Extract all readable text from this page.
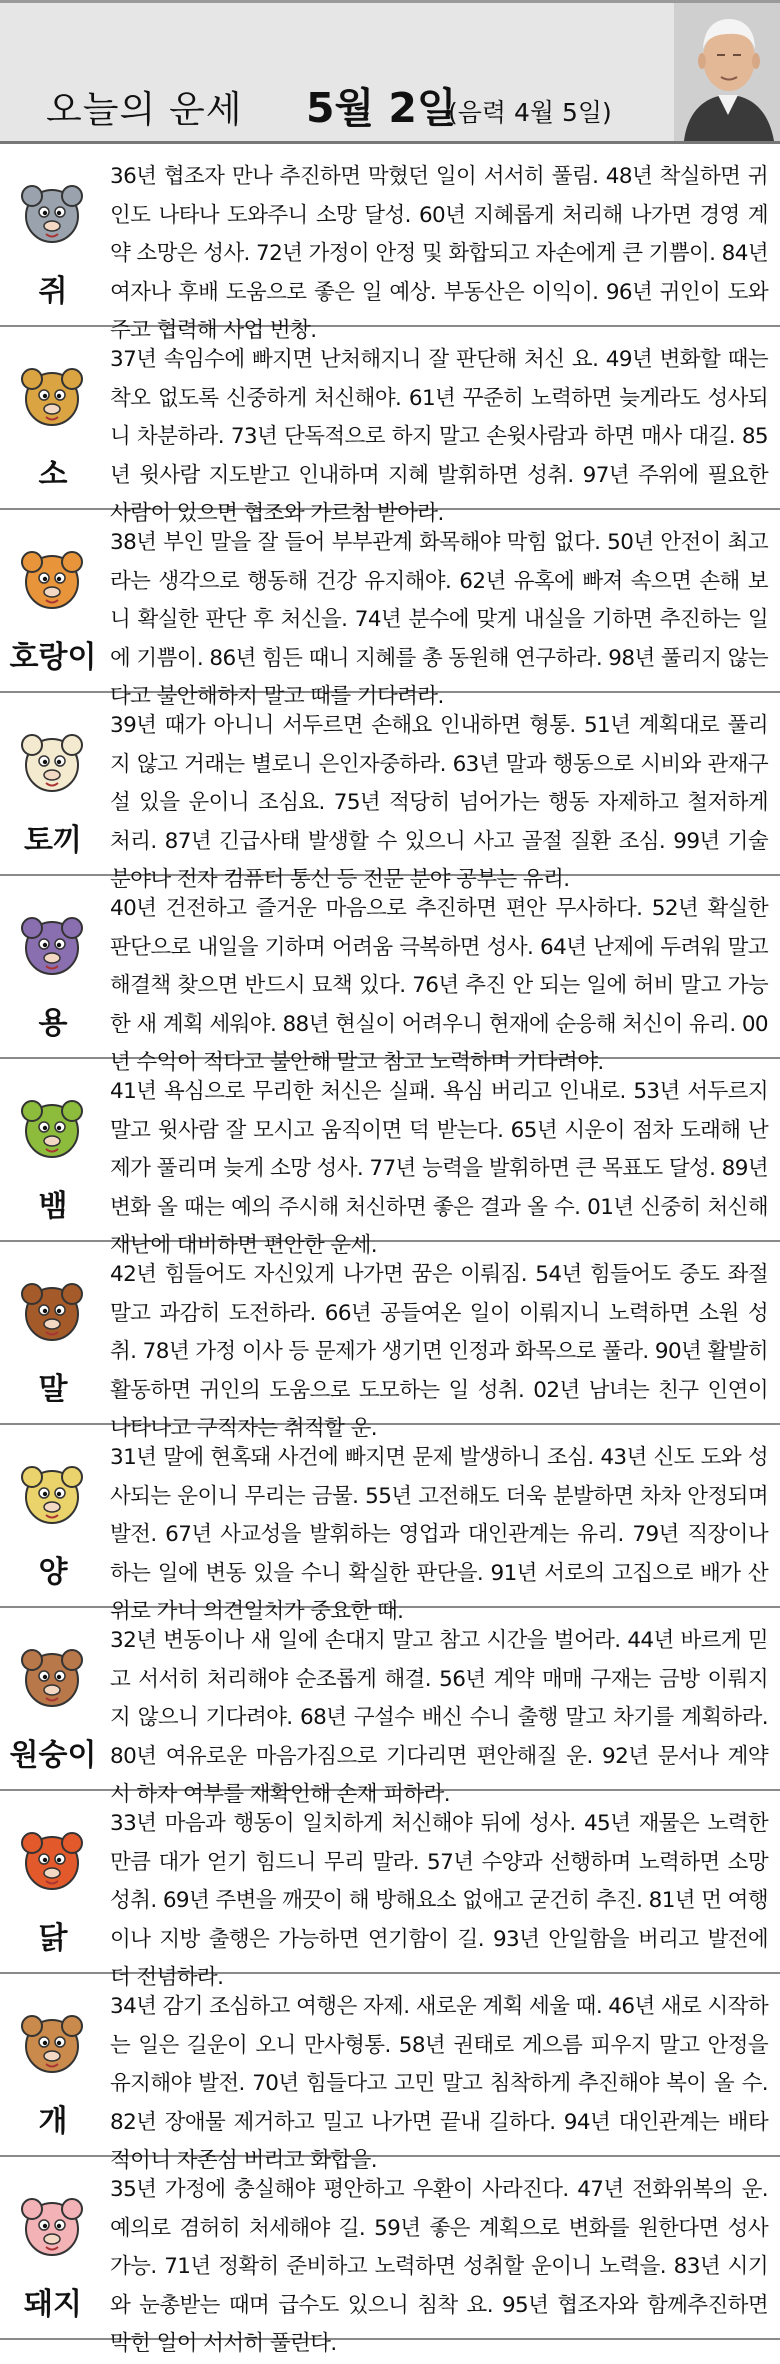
오늘의 운세 5월 2일
(음력 4월 5일)
쥐
36년 협조자 만나 추진하면 막혔던 일이 서서히 풀림. 48년 착실하면 귀인도 나타나 도와주니 소망 달성. 60년 지혜롭게 처리해 나가면 경영 계약 소망은 성사. 72년 가정이 안정 및 화합되고 자손에게 큰 기쁨이. 84년 여자나 후배 도움으로 좋은 일 예상. 부동산은 이익이. 96년 귀인이 도와주고 협력해 사업 번창.
소
37년 속임수에 빠지면 난처해지니 잘 판단해 처신 요. 49년 변화할 때는 착오 없도록 신중하게 처신해야. 61년 꾸준히 노력하면 늦게라도 성사되니 차분하라. 73년 단독적으로 하지 말고 손윗사람과 하면 매사 대길. 85년 윗사람 지도받고 인내하며 지혜 발휘하면 성취. 97년 주위에 필요한 사람이 있으면 협조와 가르침 받아라.
호랑이
38년 부인 말을 잘 들어 부부관계 화목해야 막힘 없다. 50년 안전이 최고라는 생각으로 행동해 건강 유지해야. 62년 유혹에 빠져 속으면 손해 보니 확실한 판단 후 처신을. 74년 분수에 맞게 내실을 기하면 추진하는 일에 기쁨이. 86년 힘든 때니 지혜를 총 동원해 연구하라. 98년 풀리지 않는다고 불안해하지 말고 때를 기다려라.
토끼
39년 때가 아니니 서두르면 손해요 인내하면 형통. 51년 계획대로 풀리지 않고 거래는 별로니 은인자중하라. 63년 말과 행동으로 시비와 관재구설 있을 운이니 조심요. 75년 적당히 넘어가는 행동 자제하고 철저하게 처리. 87년 긴급사태 발생할 수 있으니 사고 골절 질환 조심. 99년 기술 분야나 전자 컴퓨터 통신 등 전문 분야 공부는 유리.
용
40년 건전하고 즐거운 마음으로 추진하면 편안 무사하다. 52년 확실한 판단으로 내일을 기하며 어려움 극복하면 성사. 64년 난제에 두려워 말고 해결책 찾으면 반드시 묘책 있다. 76년 추진 안 되는 일에 허비 말고 가능한 새 계획 세워야. 88년 현실이 어려우니 현재에 순응해 처신이 유리. 00년 수익이 적다고 불안해 말고 참고 노력하며 기다려야.
뱀
41년 욕심으로 무리한 처신은 실패. 욕심 버리고 인내로. 53년 서두르지 말고 윗사람 잘 모시고 움직이면 덕 받는다. 65년 시운이 점차 도래해 난제가 풀리며 늦게 소망 성사. 77년 능력을 발휘하면 큰 목표도 달성. 89년 변화 올 때는 예의 주시해 처신하면 좋은 결과 올 수. 01년 신중히 처신해 재난에 대비하면 편안한 운세.
말
42년 힘들어도 자신있게 나가면 꿈은 이뤄짐. 54년 힘들어도 중도 좌절 말고 과감히 도전하라. 66년 공들여온 일이 이뤄지니 노력하면 소원 성취. 78년 가정 이사 등 문제가 생기면 인정과 화목으로 풀라. 90년 활발히 활동하면 귀인의 도움으로 도모하는 일 성취. 02년 남녀는 친구 인연이 나타나고 구직자는 취직할 운.
양
31년 말에 현혹돼 사건에 빠지면 문제 발생하니 조심. 43년 신도 도와 성사되는 운이니 무리는 금물. 55년 고전해도 더욱 분발하면 차차 안정되며 발전. 67년 사교성을 발휘하는 영업과 대인관계는 유리. 79년 직장이나 하는 일에 변동 있을 수니 확실한 판단을. 91년 서로의 고집으로 배가 산 위로 가니 의견일치가 중요한 때.
원숭이
32년 변동이나 새 일에 손대지 말고 참고 시간을 벌어라. 44년 바르게 믿고 서서히 처리해야 순조롭게 해결. 56년 계약 매매 구재는 금방 이뤄지지 않으니 기다려야. 68년 구설수 배신 수니 출행 말고 차기를 계획하라. 80년 여유로운 마음가짐으로 기다리면 편안해질 운. 92년 문서나 계약 시 하자 여부를 재확인해 손재 피하라.
닭
33년 마음과 행동이 일치하게 처신해야 뒤에 성사. 45년 재물은 노력한 만큼 대가 얻기 힘드니 무리 말라. 57년 수양과 선행하며 노력하면 소망 성취. 69년 주변을 깨끗이 해 방해요소 없애고 굳건히 추진. 81년 먼 여행이나 지방 출행은 가능하면 연기함이 길. 93년 안일함을 버리고 발전에 더 전념하라.
개
34년 감기 조심하고 여행은 자제. 새로운 계획 세울 때. 46년 새로 시작하는 일은 길운이 오니 만사형통. 58년 권태로 게으름 피우지 말고 안정을 유지해야 발전. 70년 힘들다고 고민 말고 침착하게 추진해야 복이 올 수. 82년 장애물 제거하고 밀고 나가면 끝내 길하다. 94년 대인관계는 배타적이니 자존심 버리고 화합을.
돼지
35년 가정에 충실해야 평안하고 우환이 사라진다. 47년 전화위복의 운. 예의로 겸허히 처세해야 길. 59년 좋은 계획으로 변화를 원한다면 성사 가능. 71년 정확히 준비하고 노력하면 성취할 운이니 노력을. 83년 시기와 눈총받는 때며 급수도 있으니 침착 요. 95년 협조자와 함께추진하면 막힌 일이 서서히 풀린다.
